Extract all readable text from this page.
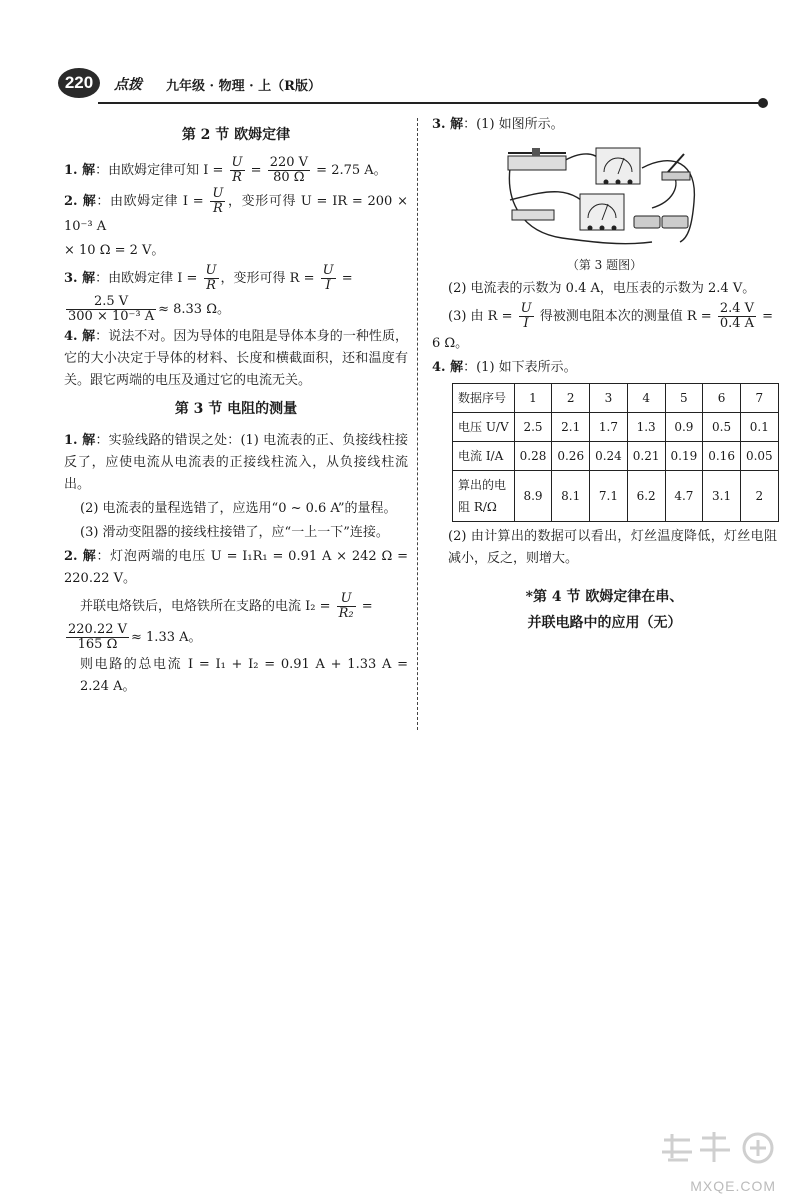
220	点拨 九年级 · 物理 · 上（R版）
第 2 节 欧姆定律
1. 解：由欧姆定律可知 $I = \frac{U}{R} = \frac{220 V}{80 \Omega} = 2.75$ A。
2. 解：由欧姆定律 $I = \frac{U}{R}$ ，变形可得 U = IR = 200 × 10⁻³ A
× 10 Ω = 2 V。
3. 解：由欧姆定律 $I = \frac{U}{R}$ ，变形可得 $R = \frac{U}{I}$ =
$\frac{2.5 V}{\text{300 × 10⁻³ A}} \approx 8.33$ Ω。
4. 解：说法不对。因为导体的电阻是导体本身的一种性质，它的大小决定于导体的材料、长度和横截面积，还和温度有关。跟它两端的电压及通过它的电流无关。
第 3 节 电阻的测量
1. 解：实验线路的错误之处：(1) 电流表的正、负接线柱接反了，应使电流从电流表的正接线柱流入，从负接线柱流出。
(2) 电流表的量程选错了，应选用“0 ~ 0.6 A”的量程。
(3) 滑动变阻器的接线柱接错了，应“一上一下”连接。
2. 解：灯泡两端的电压 U = I₁R₁ = 0.91 A × 242 Ω = 220.22 V。
并联电烙铁后，电烙铁所在支路的电流 $I_2 = \frac{U}{\text{R₂}}$ =
$\frac{220.22 V}{165 \Omega} \approx 1.33$ A。
则电路的总电流 I = I₁ + I₂ = 0.91 A + 1.33 A = 2.24 A。
3. 解：(1) 如图所示。
（第 3 题图）
(2) 电流表的示数为 0.4 A，电压表的示数为 2.4 V。
(3) 由 $R = \frac{U}{I}$ 得被测电阻本次的测量值 $R = \frac{2.4 V}{0.4 A}$ =
6 Ω。
4. 解：(1) 如下表所示。
数据序号	1	2	3	4	5	6	7
电压 U/V	2.5	2.1	1.7	1.3	0.9	0.5	0.1
电流 I/A	0.28	0.26	0.24	0.21	0.19	0.16	0.05
算出的电阻 R/Ω	8.9	8.1	7.1	6.2	4.7	3.1	2
(2) 由计算出的数据可以看出，灯丝温度降低，灯丝电阻减小，反之，则增大。
*第 4 节 欧姆定律在串、
并联电路中的应用（无）
MXQE.COM
